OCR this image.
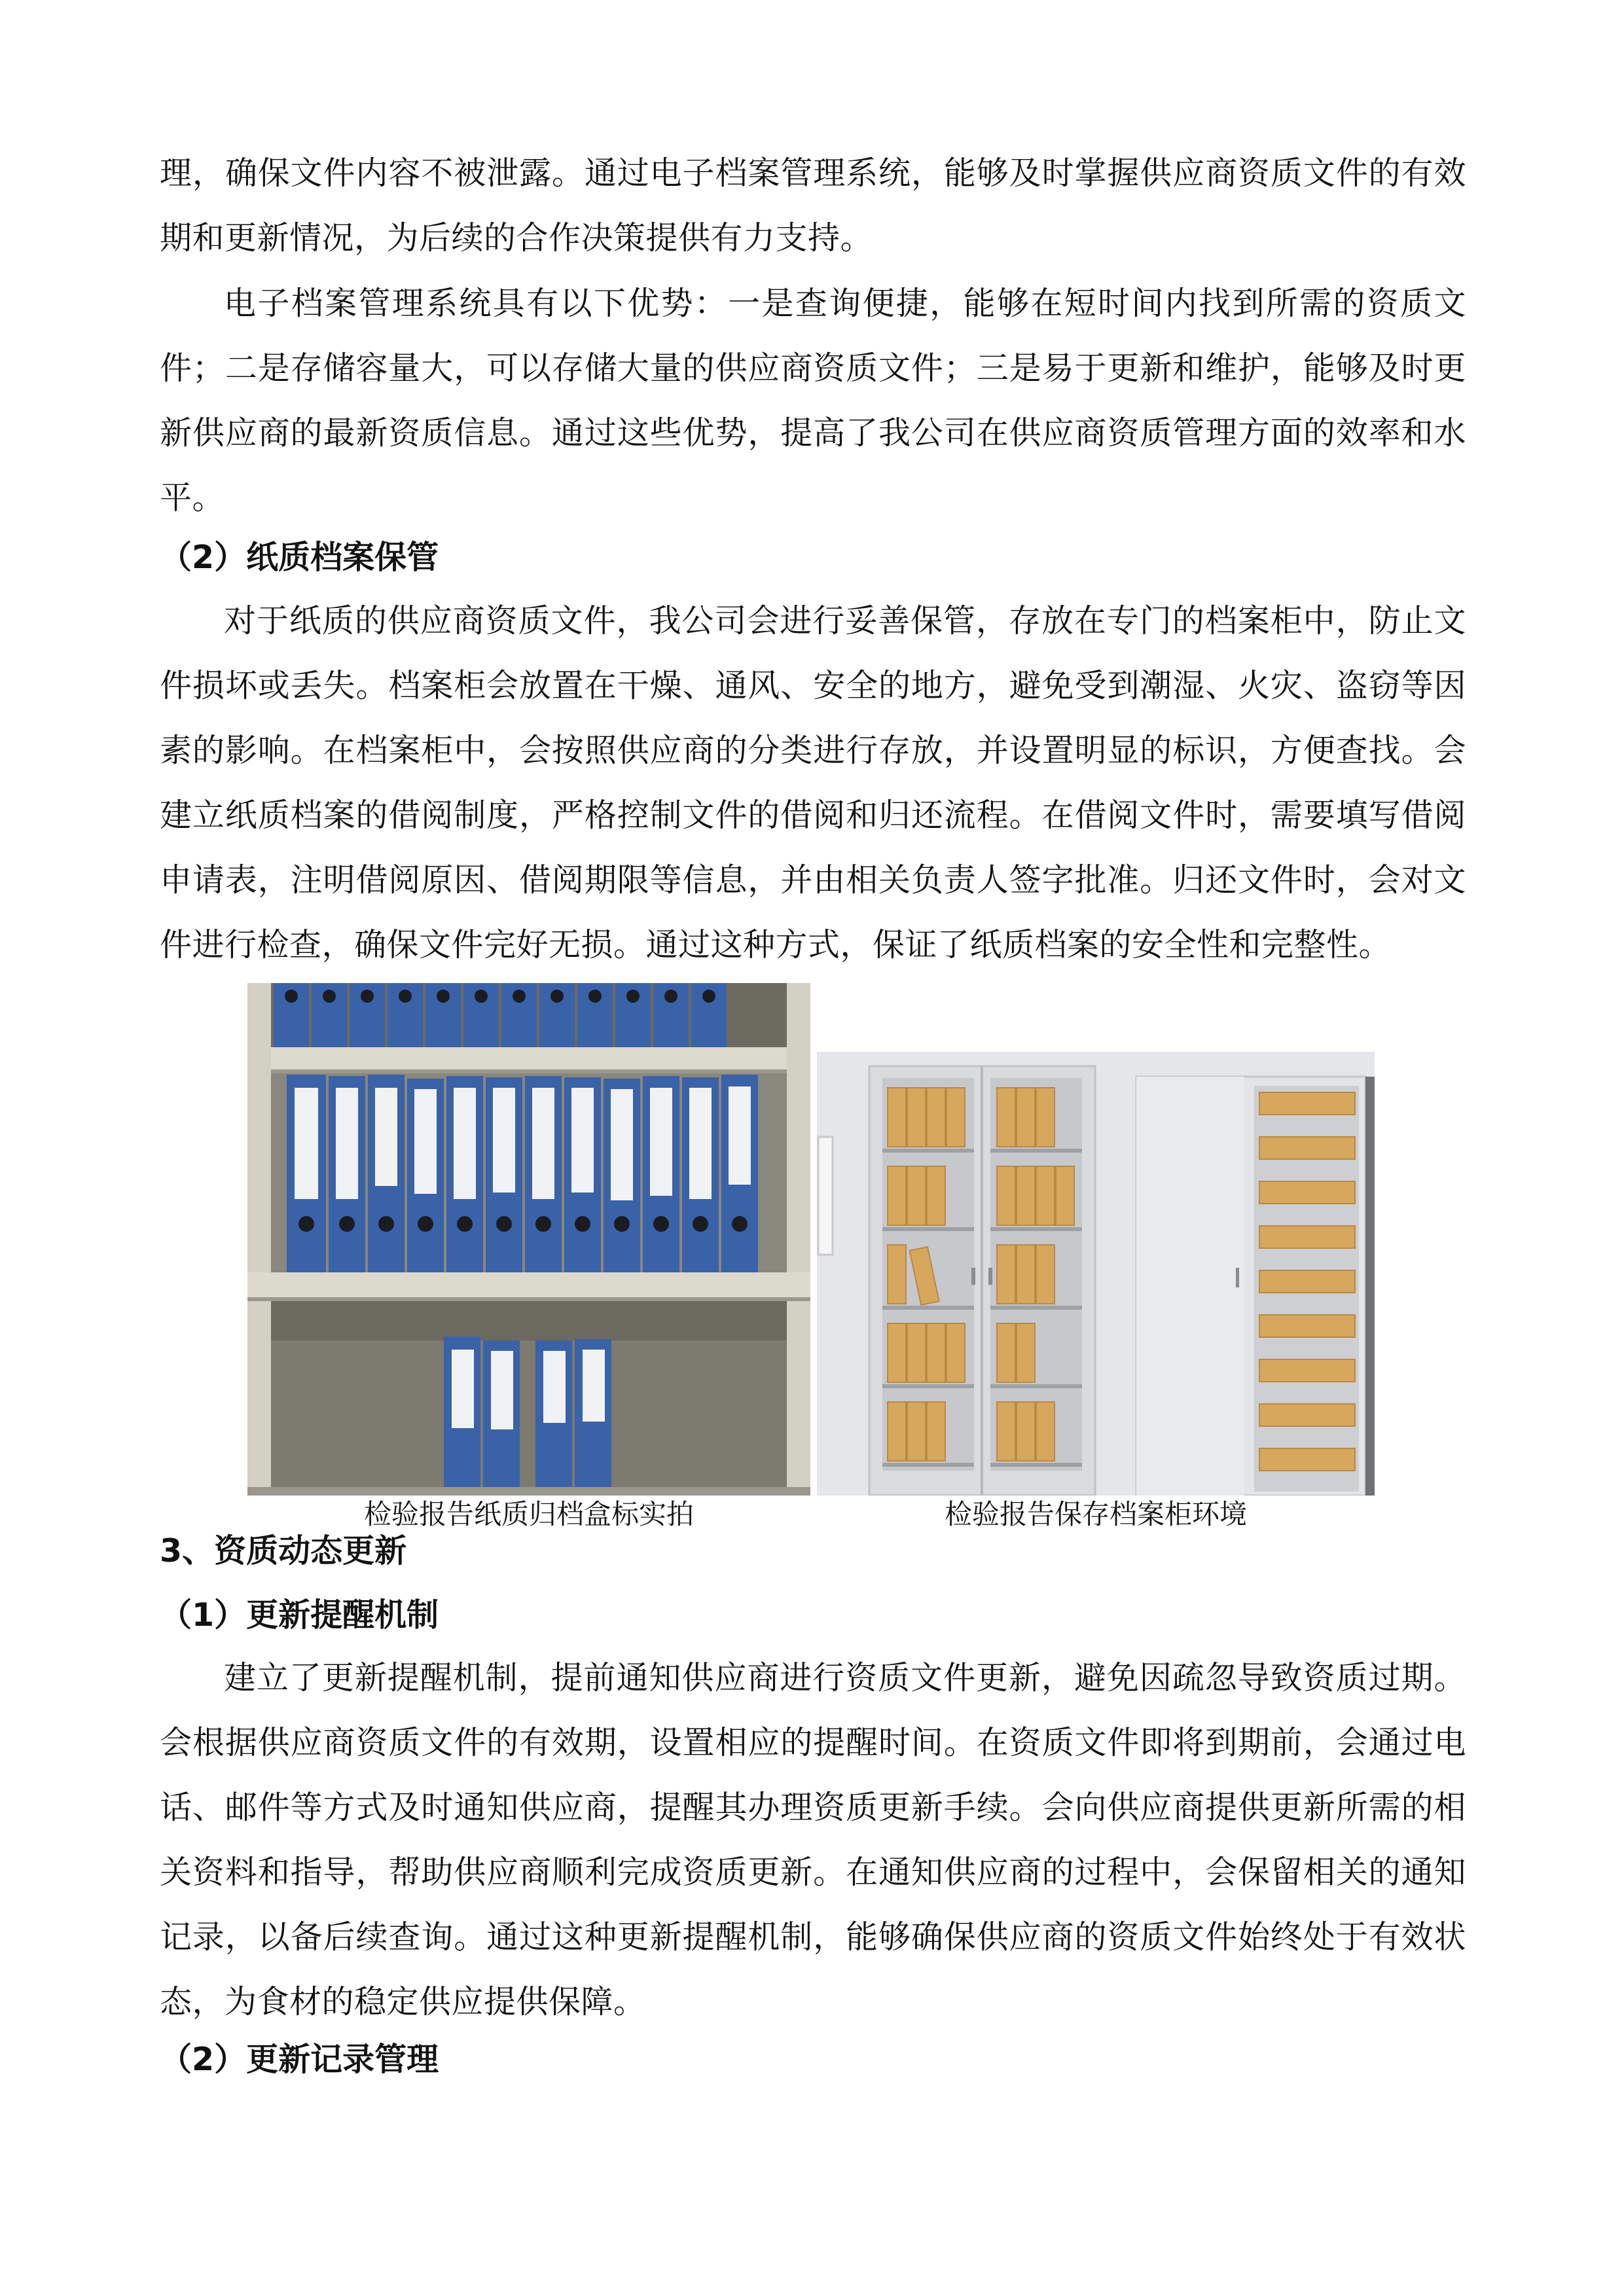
理，确保文件内容不被泄露。通过电子档案管理系统，能够及时掌握供应商资质文件的有效期和更新情况，为后续的合作决策提供有力支持。

电子档案管理系统具有以下优势：一是查询便捷，能够在短时间内找到所需的资质文件；二是存储容量大，可以存储大量的供应商资质文件；三是易于更新和维护，能够及时更新供应商的最新资质信息。通过这些优势，提高了我公司在供应商资质管理方面的效率和水平。

（2）纸质档案保管

对于纸质的供应商资质文件，我公司会进行妥善保管，存放在专门的档案柜中，防止文件损坏或丢失。档案柜会放置在干燥、通风、安全的地方，避免受到潮湿、火灾、盗窃等因素的影响。在档案柜中，会按照供应商的分类进行存放，并设置明显的标识，方便查找。会建立纸质档案的借阅制度，严格控制文件的借阅和归还流程。在借阅文件时，需要填写借阅申请表，注明借阅原因、借阅期限等信息，并由相关负责人签字批准。归还文件时，会对文件进行检查，确保文件完好无损。通过这种方式，保证了纸质档案的安全性和完整性。

检验报告纸质归档盒标实拍	检验报告保存档案柜环境
3、资质动态更新
（1）更新提醒机制

建立了更新提醒机制，提前通知供应商进行资质文件更新，避免因疏忽导致资质过期。会根据供应商资质文件的有效期，设置相应的提醒时间。在资质文件即将到期前，会通过电话、邮件等方式及时通知供应商，提醒其办理资质更新手续。会向供应商提供更新所需的相关资料和指导，帮助供应商顺利完成资质更新。在通知供应商的过程中，会保留相关的通知记录，以备后续查询。通过这种更新提醒机制，能够确保供应商的资质文件始终处于有效状态，为食材的稳定供应提供保障。

（2）更新记录管理
